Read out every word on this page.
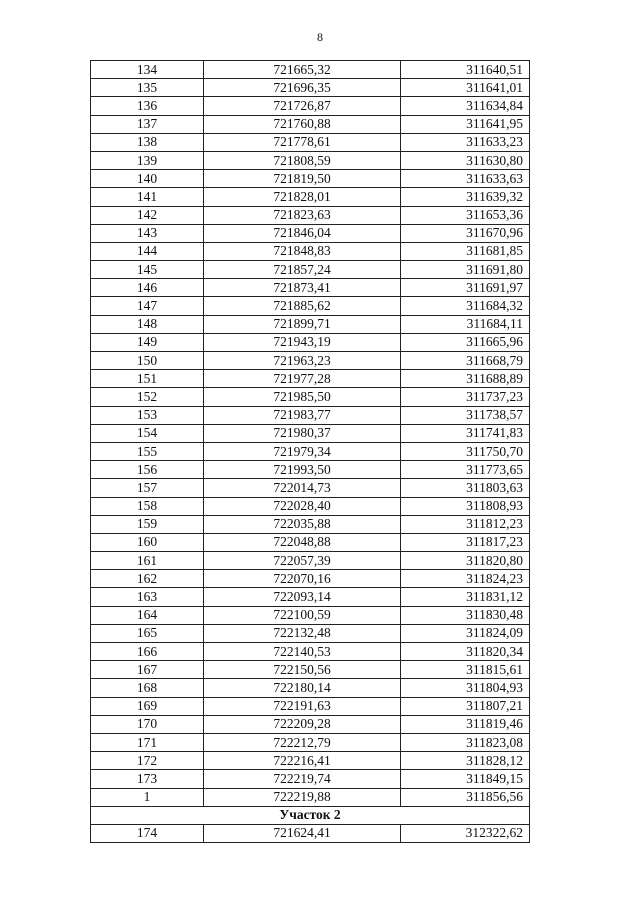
8
134	721665,32	311640,51
135	721696,35	311641,01
136	721726,87	311634,84
137	721760,88	311641,95
138	721778,61	311633,23
139	721808,59	311630,80
140	721819,50	311633,63
141	721828,01	311639,32
142	721823,63	311653,36
143	721846,04	311670,96
144	721848,83	311681,85
145	721857,24	311691,80
146	721873,41	311691,97
147	721885,62	311684,32
148	721899,71	311684,11
149	721943,19	311665,96
150	721963,23	311668,79
151	721977,28	311688,89
152	721985,50	311737,23
153	721983,77	311738,57
154	721980,37	311741,83
155	721979,34	311750,70
156	721993,50	311773,65
157	722014,73	311803,63
158	722028,40	311808,93
159	722035,88	311812,23
160	722048,88	311817,23
161	722057,39	311820,80
162	722070,16	311824,23
163	722093,14	311831,12
164	722100,59	311830,48
165	722132,48	311824,09
166	722140,53	311820,34
167	722150,56	311815,61
168	722180,14	311804,93
169	722191,63	311807,21
170	722209,28	311819,46
171	722212,79	311823,08
172	722216,41	311828,12
173	722219,74	311849,15
1	722219,88	311856,56
Участок 2		
174	721624,41	312322,62
